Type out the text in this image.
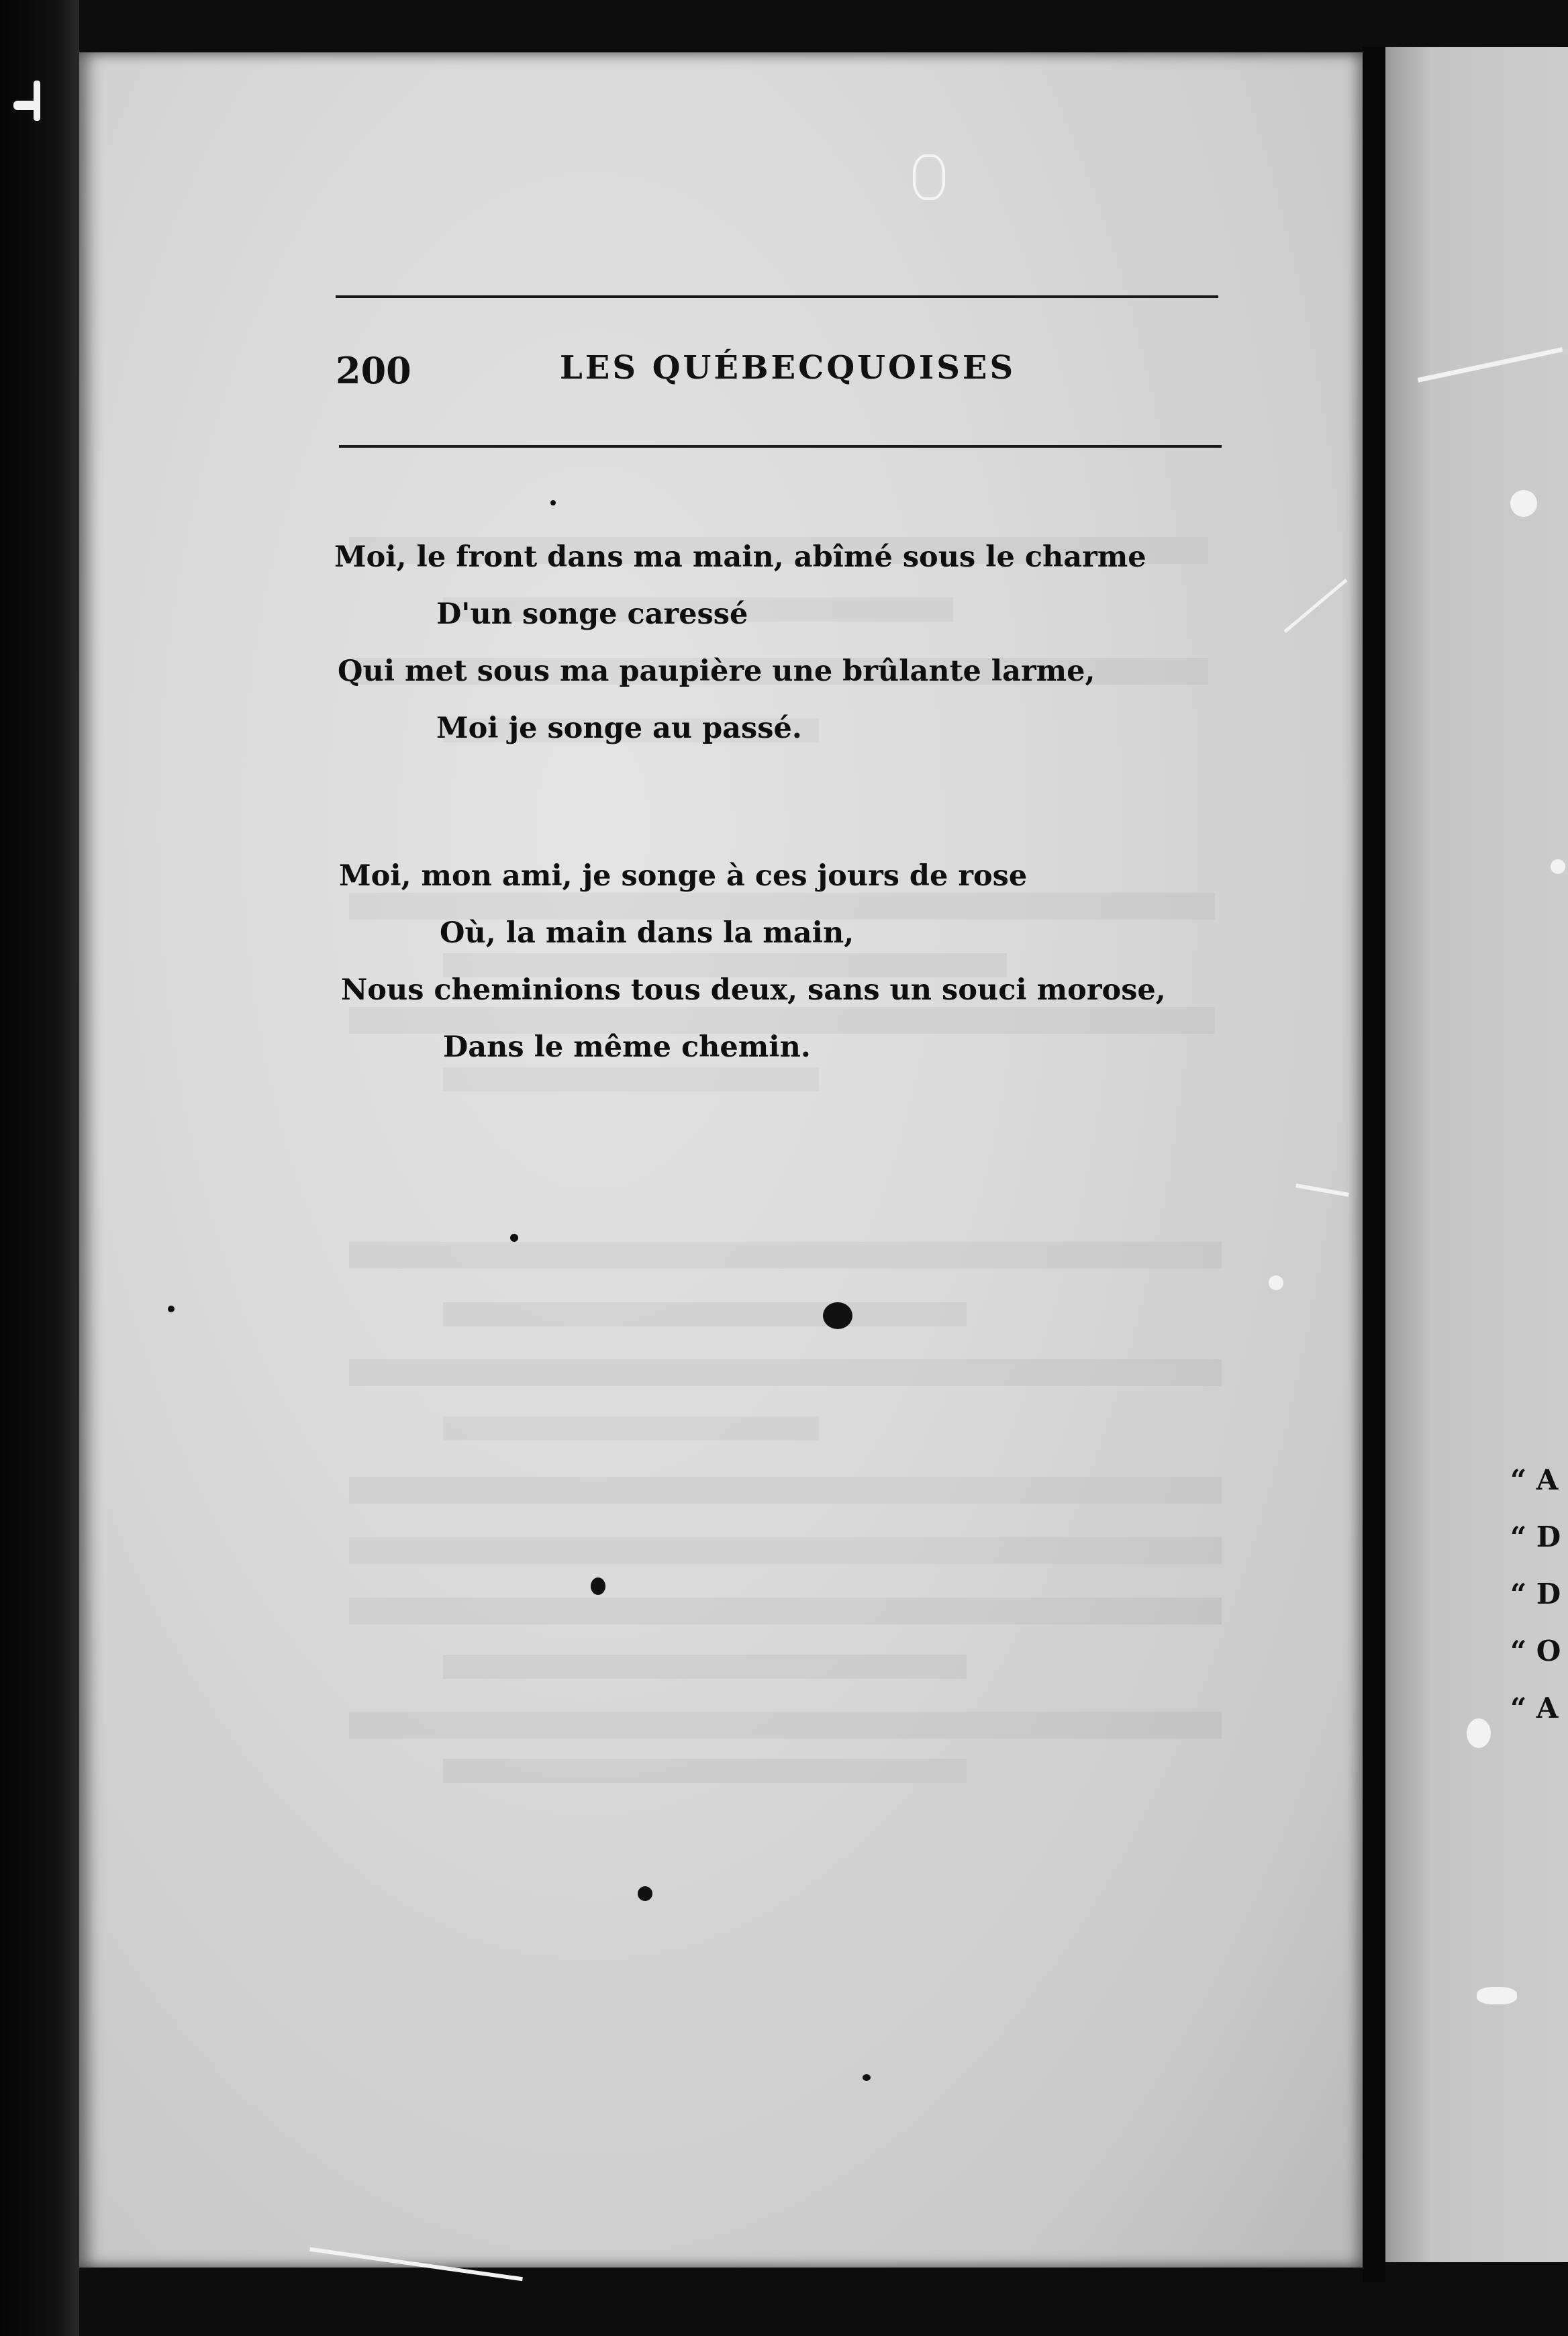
200	LES QUÉBECQUOISES
Moi, le front dans ma main, abîmé sous le charme
D'un songe caressé
Qui met sous ma paupière une brûlante larme,
Moi je songe au passé.
Moi, mon ami, je songe à ces jours de rose
Où, la main dans la main,
Nous cheminions tous deux, sans un souci morose,
Dans le même chemin.
“ A
“ D
“ D
“ O
“ A
